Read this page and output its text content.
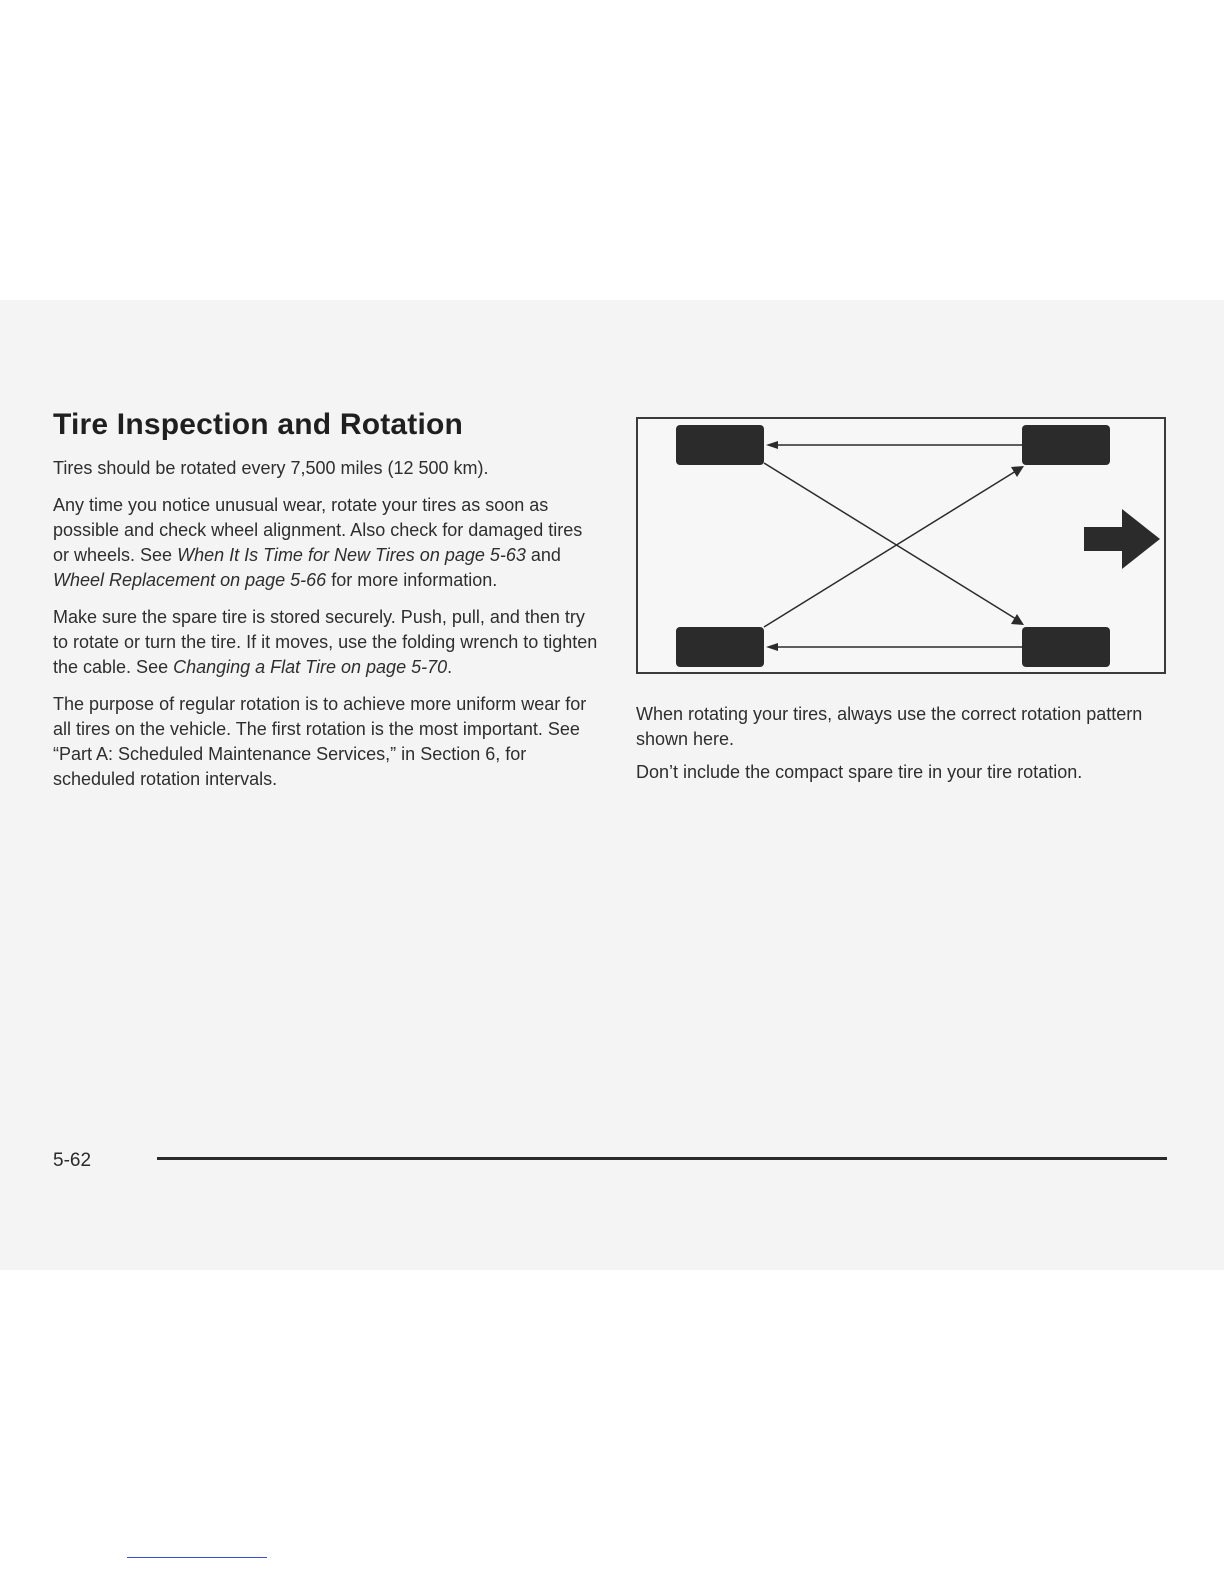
Tire Inspection and Rotation

Tires should be rotated every 7,500 miles (12 500 km).

Any time you notice unusual wear, rotate your tires as soon as possible and check wheel alignment. Also check for damaged tires or wheels. See When It Is Time for New Tires on page 5-63 and Wheel Replacement on page 5-66 for more information.

Make sure the spare tire is stored securely. Push, pull, and then try to rotate or turn the tire. If it moves, use the folding wrench to tighten the cable. See Changing a Flat Tire on page 5-70.

The purpose of regular rotation is to achieve more uniform wear for all tires on the vehicle. The first rotation is the most important. See “Part A: Scheduled Maintenance Services,” in Section 6, for scheduled rotation intervals.

When rotating your tires, always use the correct rotation pattern shown here.

Don’t include the compact spare tire in your tire rotation.

5-62
